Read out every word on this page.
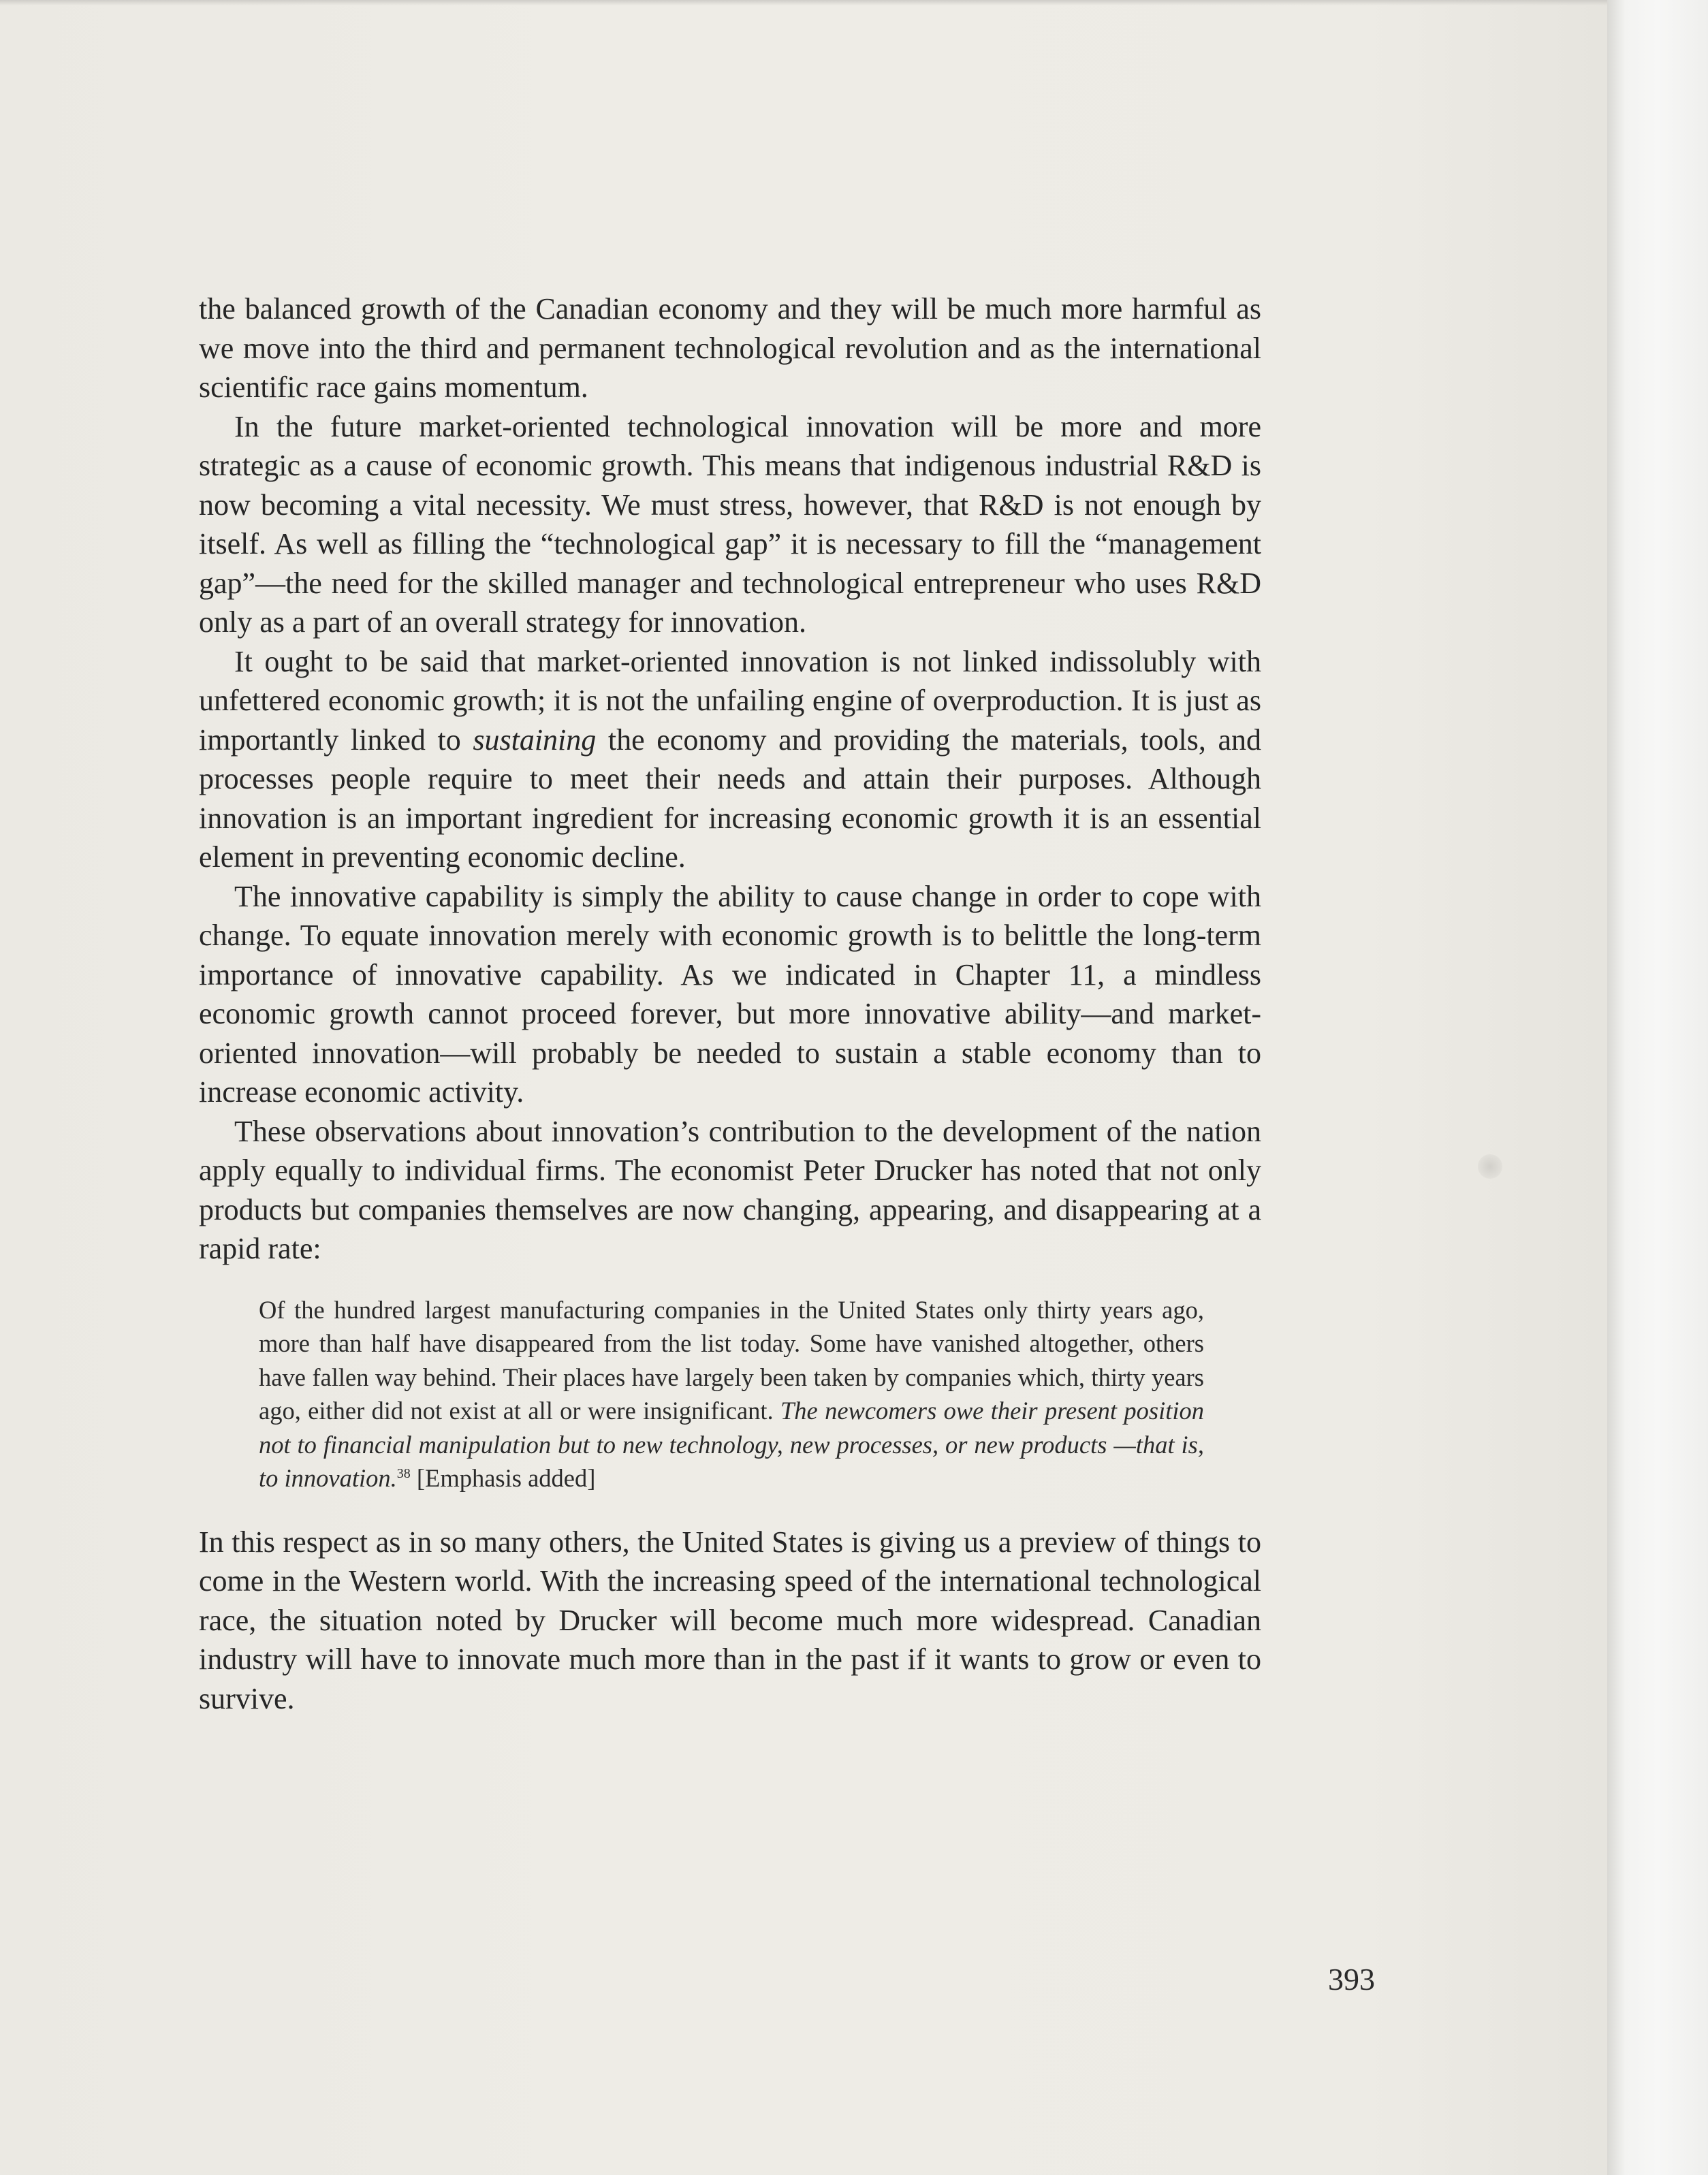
the balanced growth of the Canadian economy and they will be much more harmful as we move into the third and permanent technological revolution and as the international scientific race gains momentum.

In the future market-oriented technological innovation will be more and more strategic as a cause of economic growth. This means that indigenous industrial R&D is now becoming a vital necessity. We must stress, however, that R&D is not enough by itself. As well as filling the “technological gap” it is necessary to fill the “management gap”—the need for the skilled manager and technological entrepreneur who uses R&D only as a part of an overall strategy for innovation.

It ought to be said that market-oriented innovation is not linked indissolubly with unfettered economic growth; it is not the unfailing engine of overproduction. It is just as importantly linked to sustaining the economy and providing the materials, tools, and processes people require to meet their needs and attain their purposes. Although innovation is an important ingredient for increasing economic growth it is an essential element in preventing economic decline.

The innovative capability is simply the ability to cause change in order to cope with change. To equate innovation merely with economic growth is to belittle the long-term importance of innovative capability. As we indicated in Chapter 11, a mindless economic growth cannot proceed forever, but more innovative ability—and market-oriented innovation—will probably be needed to sustain a stable economy than to increase economic activity.

These observations about innovation’s contribution to the development of the nation apply equally to individual firms. The economist Peter Drucker has noted that not only products but companies themselves are now changing, appearing, and disappearing at a rapid rate:

Of the hundred largest manufacturing companies in the United States only thirty years ago, more than half have disappeared from the list today. Some have vanished altogether, others have fallen way behind. Their places have largely been taken by companies which, thirty years ago, either did not exist at all or were insignificant. The newcomers owe their present position not to financial manipulation but to new technology, new processes, or new products —that is, to innovation.$^{38}$ [Emphasis added]

In this respect as in so many others, the United States is giving us a preview of things to come in the Western world. With the increasing speed of the international technological race, the situation noted by Drucker will become much more widespread. Canadian industry will have to innovate much more than in the past if it wants to grow or even to survive.

393
